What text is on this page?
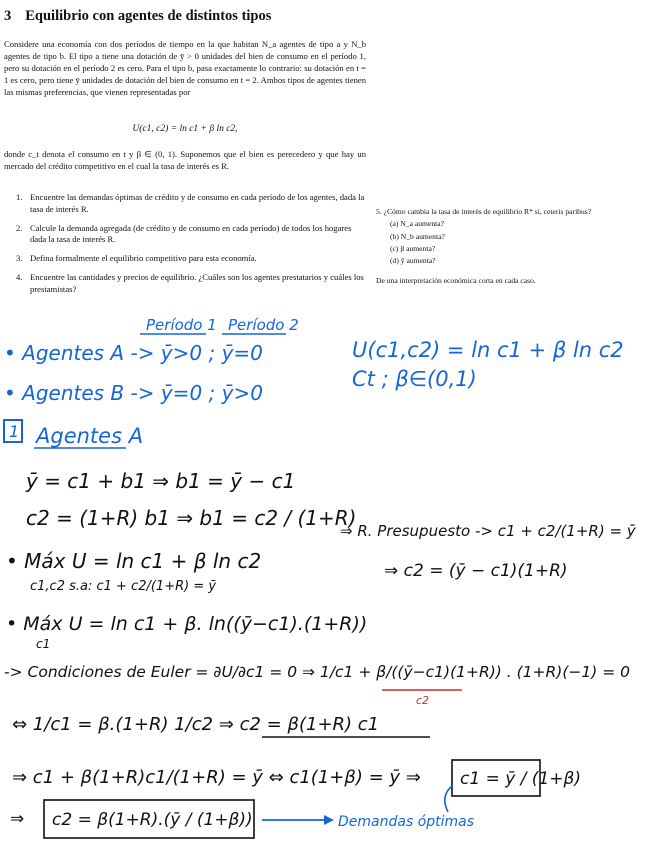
3 Equilibrio con agentes de distintos tipos
Considere una economía con dos períodos de tiempo en la que habitan N_a agentes de tipo a y N_b agentes de tipo b. El tipo a tiene una dotación de ȳ > 0 unidades del bien de consumo en el período 1, pero su dotación en el período 2 es cero. Para el tipo b, pasa exactamente lo contrario: su dotación en t = 1 es cero, pero tiene ȳ unidades de dotación del bien de consumo en t = 2. Ambos tipos de agentes tienen las mismas preferencias, que vienen representadas por
U(c1, c2) = ln c1 + β ln c2,
donde c_t denota el consumo en t y β ∈ (0, 1). Suponemos que el bien es perecedero y que hay un mercado del crédito competitivo en el cual la tasa de interés es R.
1. Encuentre las demandas óptimas de crédito y de consumo en cada período de los agentes, dada la tasa de interés R.
2. Calcule la demanda agregada (de crédito y de consumo en cada período) de todos los hogares dada la tasa de interés R.
3. Defina formalmente el equilibrio competitivo para esta economía.
4. Encuentre las cantidades y precios de equilibrio. ¿Cuáles son los agentes prestatarios y cuáles los prestamistas?
5. ¿Cómo cambia la tasa de interés de equilibrio R* si, ceteris paribus?
(a) N_a aumenta?
(b) N_b aumenta?
(c) β aumenta?
(d) ȳ aumenta?
De una interpretación económica corta en cada caso.
Período 1 Período 2
• Agentes A -> ȳ>0 ; ȳ=0
• Agentes B -> ȳ=0 ; ȳ>0
U(c1,c2) = ln c1 + β ln c2
Ct ; β∈(0,1)
1 Agentes A
ȳ = c1 + b1 ⇒ b1 = ȳ − c1
c2 = (1+R) b1 ⇒ b1 = c2 / (1+R)
⇒ R. Presupuesto -> c1 + c2/(1+R) = ȳ
⇒ c2 = (ȳ − c1)(1+R)
• Máx U = ln c1 + β ln c2
c1,c2 s.a: c1 + c2/(1+R) = ȳ
• Máx U = ln c1 + β. ln((ȳ−c1).(1+R))
c1
-> Condiciones de Euler = ∂U/∂c1 = 0 ⇒ 1/c1 + β/((ȳ−c1)(1+R)) . (1+R)(−1) = 0
c2
⇔ 1/c1 = β.(1+R) 1/c2 ⇒ c2 = β(1+R) c1
⇒ c1 + β(1+R)c1/(1+R) = ȳ ⇔ c1(1+β) = ȳ ⇒ c1 = ȳ / (1+β)
⇒ c2 = β(1+R).(ȳ / (1+β))	Demandas óptimas
